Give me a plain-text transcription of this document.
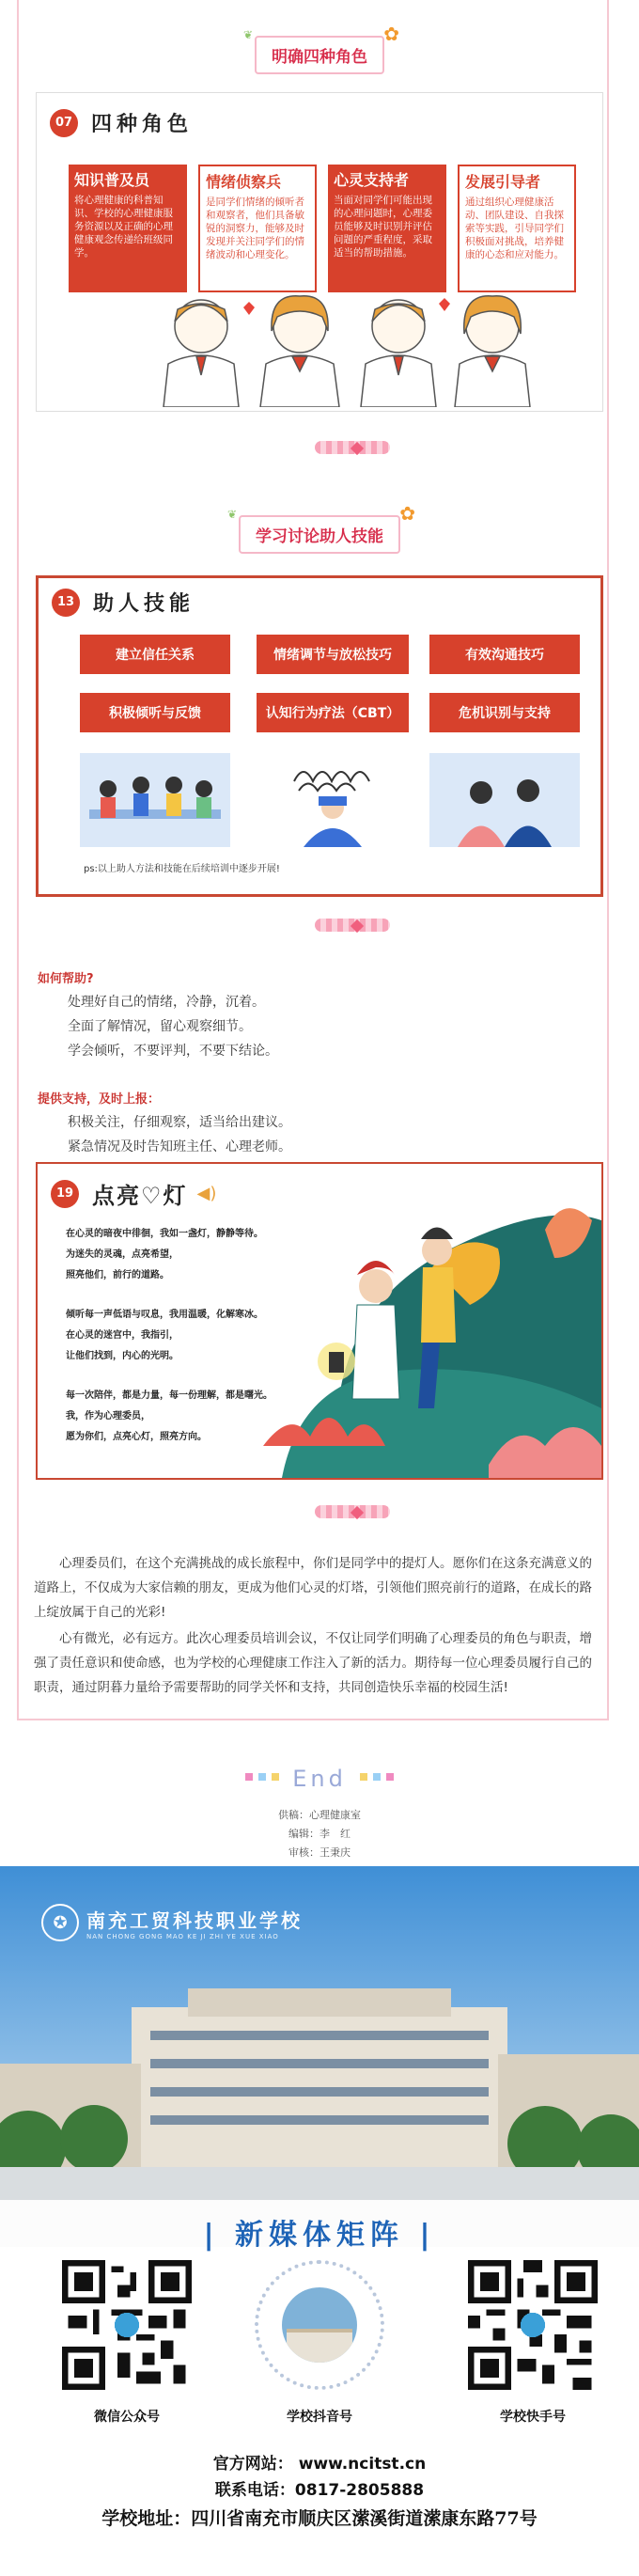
✿
❦
明确四种角色
07 四种角色
知识普及员
将心理健康的科普知识、学校的心理健康服务资源以及正确的心理健康观念传递给班级同学。
情绪侦察兵
是同学们情绪的倾听者和观察者，他们具备敏锐的洞察力，能够及时发现并关注同学们的情绪波动和心理变化。
心灵支持者
当面对同学们可能出现的心理问题时，心理委员能够及时识别并评估问题的严重程度，采取适当的帮助措施。
发展引导者
通过组织心理健康活动、团队建设、自我探索等实践，引导同学们积极面对挑战，培养健康的心态和应对能力。
✿
❦
学习讨论助人技能
13 助人技能
建立信任关系	情绪调节与放松技巧	有效沟通技巧
积极倾听与反馈	认知行为疗法（CBT）	危机识别与支持
ps:以上助人方法和技能在后续培训中逐步开展!
如何帮助?
处理好自己的情绪，冷静，沉着。
全面了解情况，留心观察细节。
学会倾听，不要评判，不要下结论。
提供支持，及时上报：
积极关注，仔细观察，适当给出建议。
紧急情况及时告知班主任、心理老师。
19 点亮♡灯 ◀)
在心灵的暗夜中徘徊，我如一盏灯，静静等待。
为迷失的灵魂，点亮希望，
照亮他们，前行的道路。
倾听每一声低语与叹息，我用温暖，化解寒冰。
在心灵的迷宫中，我指引，
让他们找到，内心的光明。
每一次陪伴，都是力量，每一份理解，都是曙光。
我，作为心理委员，
愿为你们，点亮心灯，照亮方向。
心理委员们，在这个充满挑战的成长旅程中，你们是同学中的提灯人。愿你们在这条充满意义的道路上，不仅成为大家信赖的朋友，更成为他们心灵的灯塔，引领他们照亮前行的道路，在成长的路上绽放属于自己的光彩!
心有微光，必有远方。此次心理委员培训会议，不仅让同学们明确了心理委员的角色与职责，增强了责任意识和使命感，也为学校的心理健康工作注入了新的活力。期待每一位心理委员履行自己的职责，通过阴暮力量给予需要帮助的同学关怀和支持，共同创造快乐幸福的校园生活!
End
供稿：心理健康室
编辑：李　红
审核：王秉庆
✪	南充工贸科技职业学校
NAN CHONG GONG MAO KE JI ZHI YE XUE XIAO
| 新媒体矩阵 |
微信公众号	学校抖音号	学校快手号
官方网站： www.ncitst.cn
联系电话：0817-2805888
学校地址：四川省南充市顺庆区潆溪街道潆康东路77号
